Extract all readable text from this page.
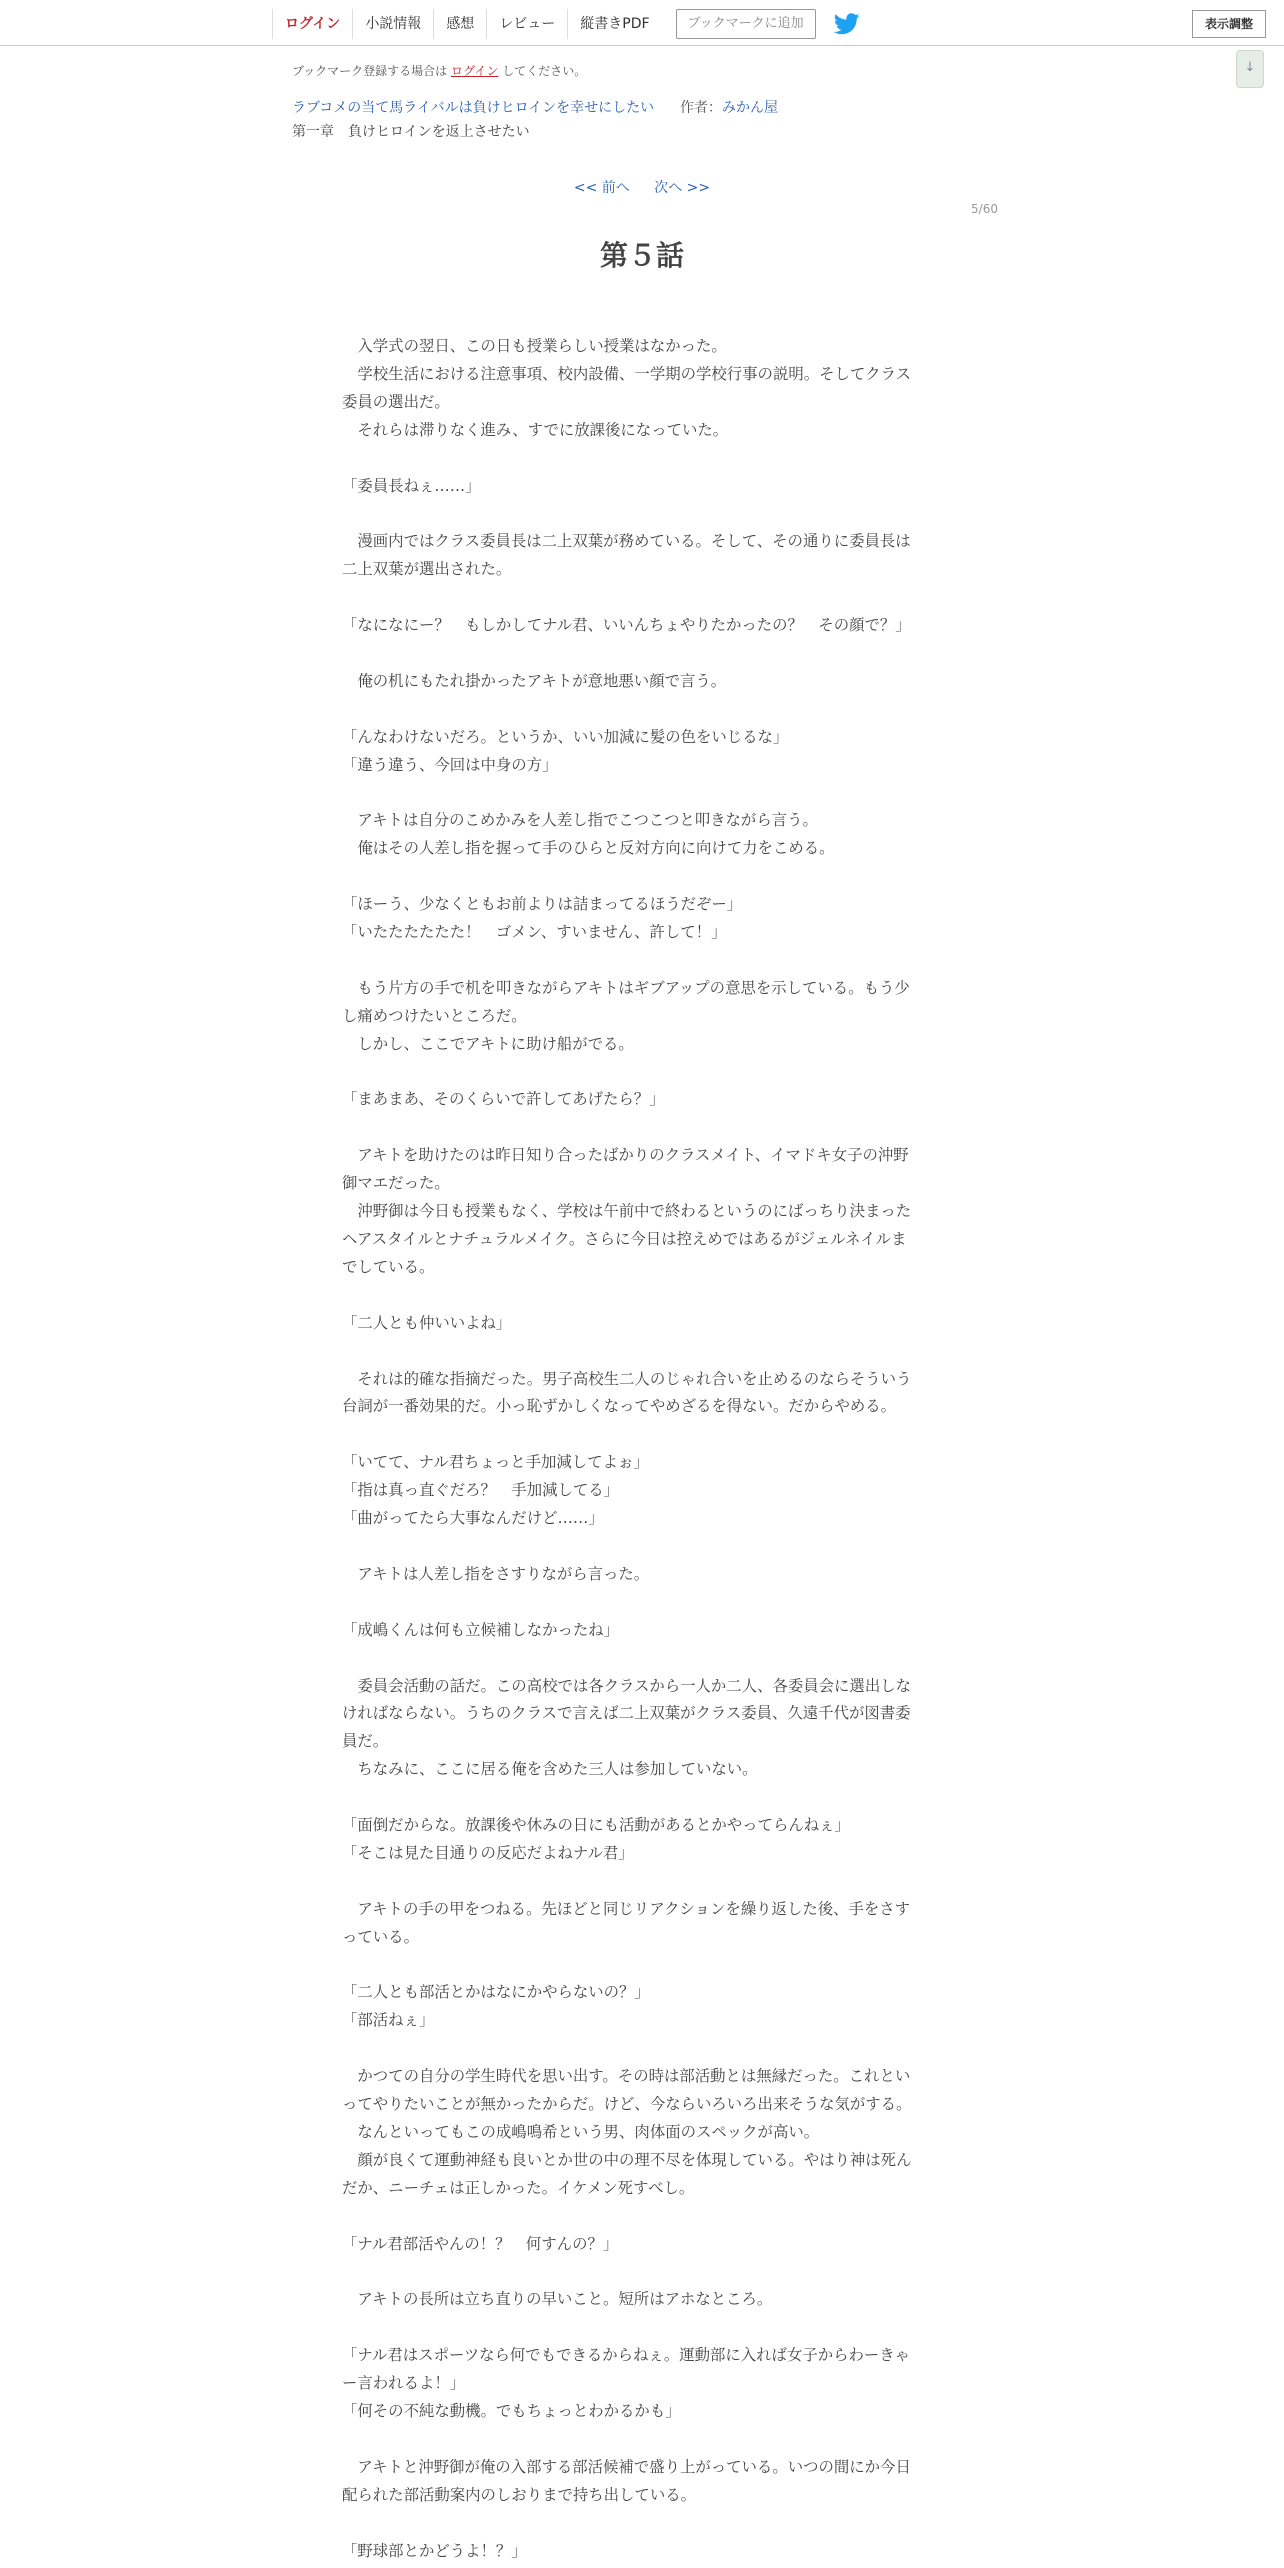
ログイン	小説情報	感想	レビュー	縦書きPDF	ブックマークに追加	表示調整
↓
ブックマーク登録する場合は ログイン してください。
ラブコメの当て馬ライバルは負けヒロインを幸せにしたい 作者：みかん屋
第一章　負けヒロインを返上させたい
<< 前へ 次へ >>
5/60
第５話

　入学式の翌日、この日も授業らしい授業はなかった。

　学校生活における注意事項、校内設備、一学期の学校行事の説明。そしてクラス

委員の選出だ。

　それらは滞りなく進み、すでに放課後になっていた。

「委員長ねぇ……」

　漫画内ではクラス委員長は二上双葉が務めている。そして、その通りに委員長は

二上双葉が選出された。

「なになにー？　もしかしてナル君、いいんちょやりたかったの？　その顔で？」

　俺の机にもたれ掛かったアキトが意地悪い顔で言う。

「んなわけないだろ。というか、いい加減に髪の色をいじるな」

「違う違う、今回は中身の方」

　アキトは自分のこめかみを人差し指でこつこつと叩きながら言う。

　俺はその人差し指を握って手のひらと反対方向に向けて力をこめる。

「ほーう、少なくともお前よりは詰まってるほうだぞー」

「いたたたたたた！　ゴメン、すいません、許して！」

　もう片方の手で机を叩きながらアキトはギブアップの意思を示している。もう少

し痛めつけたいところだ。

　しかし、ここでアキトに助け船がでる。

「まあまあ、そのくらいで許してあげたら？」

　アキトを助けたのは昨日知り合ったばかりのクラスメイト、イマドキ女子の沖野

御マエだった。

　沖野御は今日も授業もなく、学校は午前中で終わるというのにばっちり決まった

ヘアスタイルとナチュラルメイク。さらに今日は控えめではあるがジェルネイルま

でしている。

「二人とも仲いいよね」

　それは的確な指摘だった。男子高校生二人のじゃれ合いを止めるのならそういう

台詞が一番効果的だ。小っ恥ずかしくなってやめざるを得ない。だからやめる。

「いてて、ナル君ちょっと手加減してよぉ」

「指は真っ直ぐだろ？　手加減してる」

「曲がってたら大事なんだけど……」

　アキトは人差し指をさすりながら言った。

「成嶋くんは何も立候補しなかったね」

　委員会活動の話だ。この高校では各クラスから一人か二人、各委員会に選出しな

ければならない。うちのクラスで言えば二上双葉がクラス委員、久遠千代が図書委

員だ。

　ちなみに、ここに居る俺を含めた三人は参加していない。

「面倒だからな。放課後や休みの日にも活動があるとかやってらんねぇ」

「そこは見た目通りの反応だよねナル君」

　アキトの手の甲をつねる。先ほどと同じリアクションを繰り返した後、手をさす

っている。

「二人とも部活とかはなにかやらないの？」

「部活ねぇ」

　かつての自分の学生時代を思い出す。その時は部活動とは無縁だった。これとい

ってやりたいことが無かったからだ。けど、今ならいろいろ出来そうな気がする。

　なんといってもこの成嶋鳴希という男、肉体面のスペックが高い。

　顔が良くて運動神経も良いとか世の中の理不尽を体現している。やはり神は死ん

だか、ニーチェは正しかった。イケメン死すべし。

「ナル君部活やんの！？　何すんの？」

　アキトの長所は立ち直りの早いこと。短所はアホなところ。

「ナル君はスポーツなら何でもできるからねぇ。運動部に入れば女子からわーきゃ

ー言われるよ！」

「何その不純な動機。でもちょっとわかるかも」

　アキトと沖野御が俺の入部する部活候補で盛り上がっている。いつの間にか今日

配られた部活動案内のしおりまで持ち出している。

「野球部とかどうよ！？」
